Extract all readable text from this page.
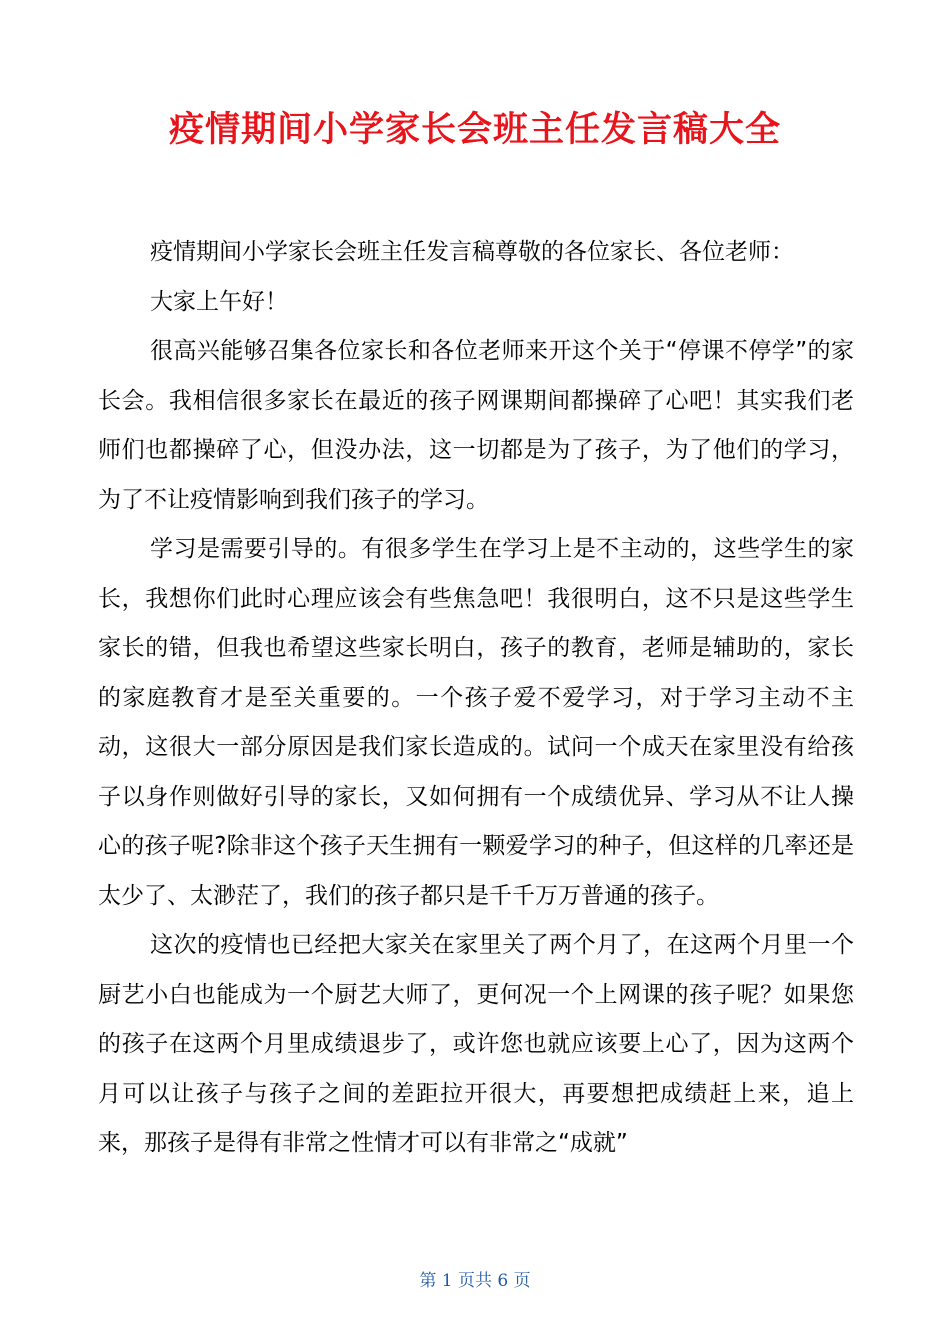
疫情期间小学家长会班主任发言稿大全

疫情期间小学家长会班主任发言稿尊敬的各位家长、各位老师：

大家上午好！

很高兴能够召集各位家长和各位老师来开这个关于“停课不停学”的家长会。我相信很多家长在最近的孩子网课期间都操碎了心吧！其实我们老师们也都操碎了心，但没办法，这一切都是为了孩子，为了他们的学习，为了不让疫情影响到我们孩子的学习。

学习是需要引导的。有很多学生在学习上是不主动的，这些学生的家长，我想你们此时心理应该会有些焦急吧！我很明白，这不只是这些学生家长的错，但我也希望这些家长明白，孩子的教育，老师是辅助的，家长的家庭教育才是至关重要的。一个孩子爱不爱学习，对于学习主动不主动，这很大一部分原因是我们家长造成的。试问一个成天在家里没有给孩子以身作则做好引导的家长，又如何拥有一个成绩优异、学习从不让人操心的孩子呢?除非这个孩子天生拥有一颗爱学习的种子，但这样的几率还是太少了、太渺茫了，我们的孩子都只是千千万万普通的孩子。

这次的疫情也已经把大家关在家里关了两个月了，在这两个月里一个厨艺小白也能成为一个厨艺大师了，更何况一个上网课的孩子呢？如果您的孩子在这两个月里成绩退步了，或许您也就应该要上心了，因为这两个月可以让孩子与孩子之间的差距拉开很大，再要想把成绩赶上来，追上来，那孩子是得有非常之性情才可以有非常之“成就”

第 1 页共 6 页
